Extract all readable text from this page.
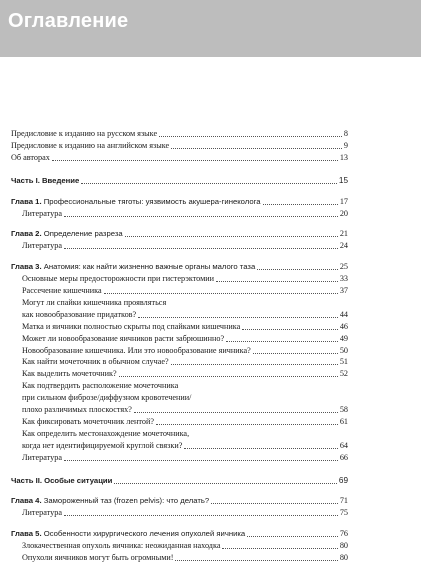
Оглавление
Предисловие к изданию на русском языке	8
Предисловие к изданию на английском языке	9
Об авторах	13
Часть I. Введение	15
Глава 1. Профессиональные тяготы: уязвимость акушера-гинеколога	17
Литература	20
Глава 2. Определение разреза	21
Литература	24
Глава 3. Анатомия: как найти жизненно важные органы малого таза	25
Основные меры предосторожности при гистерэктомии	33
Рассечение кишечника	37
Могут ли спайки кишечника проявляться
как новообразование придатков?	44
Матка и яичники полностью скрыты под спайками кишечника	46
Может ли новообразование яичников расти забрюшинно?	49
Новообразование кишечника. Или это новообразование яичника?	50
Как найти мочеточник в обычном случае?	51
Как выделить мочеточник?	52
Как подтвердить расположение мочеточника
при сильном фиброзе/диффузном кровотечении/
плохо различимых плоскостях?	58
Как фиксировать мочеточник лентой?	61
Как определить местонахождение мочеточника,
когда нет идентифицируемой круглой связки?	64
Литература	66
Часть II. Особые ситуации	69
Глава 4. Замороженный таз (frozen pelvis): что делать?	71
Литература	75
Глава 5. Особенности хирургического лечения опухолей яичника	76
Злокачественная опухоль яичника: неожиданная находка	80
Опухоли яичников могут быть огромными!	80
